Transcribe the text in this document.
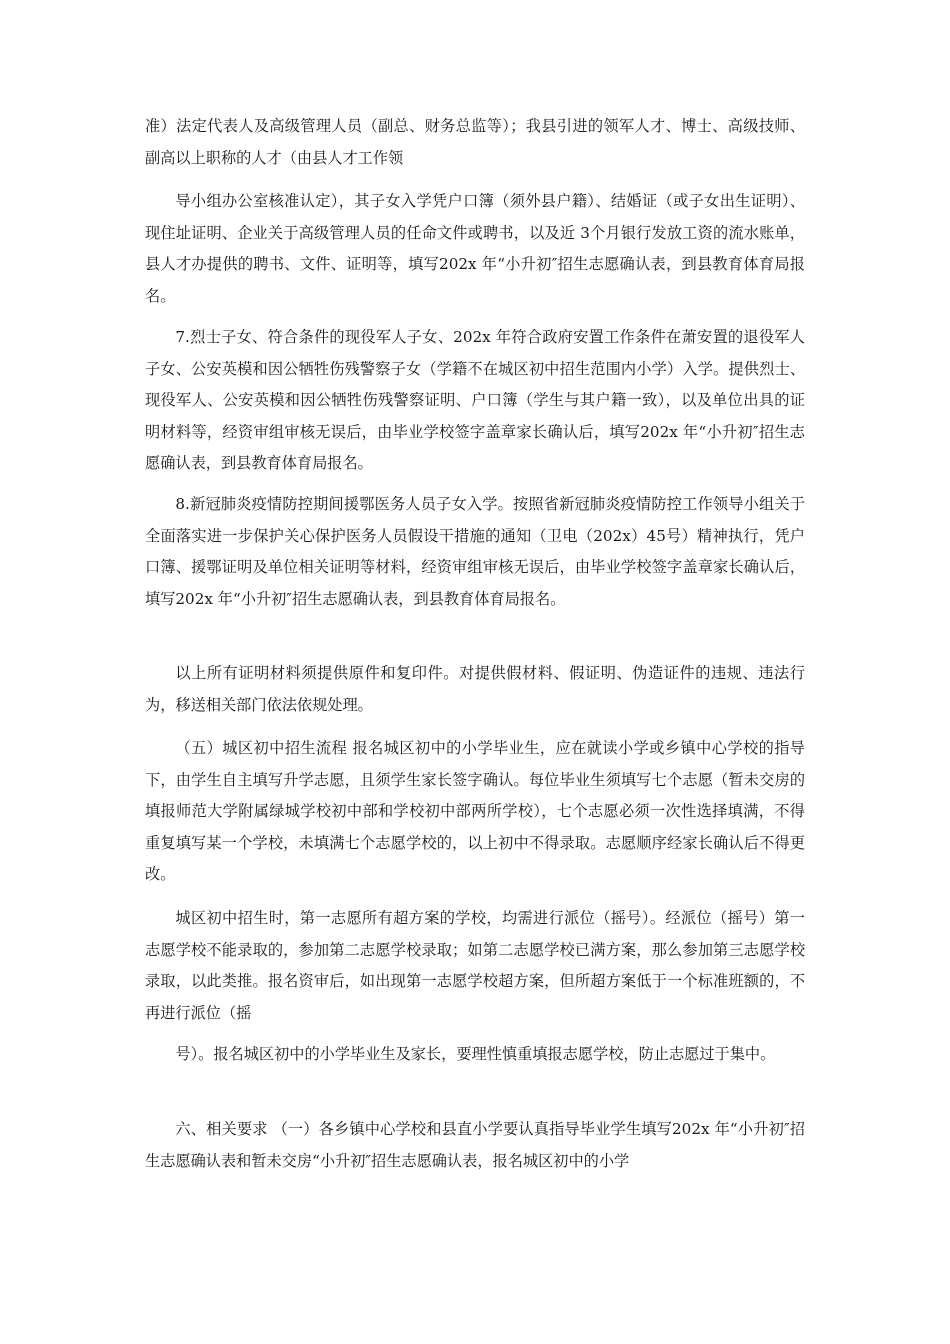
准）法定代表人及高级管理人员（副总、财务总监等）；我县引进的领军人才、博士、高级技师、副高以上职称的人才（由县人才工作领

导小组办公室核准认定），其子女入学凭户口簿（须外县户籍）、结婚证（或子女出生证明）、现住址证明、企业关于高级管理人员的任命文件或聘书，以及近 3个月银行发放工资的流水账单，县人才办提供的聘书、文件、证明等，填写202x 年“小升初″招生志愿确认表，到县教育体育局报名。

7.烈士子女、符合条件的现役军人子女、202x 年符合政府安置工作条件在萧安置的退役军人子女、公安英模和因公牺牲伤残警察子女（学籍不在城区初中招生范围内小学）入学。提供烈士、现役军人、公安英模和因公牺牲伤残警察证明、户口簿（学生与其户籍一致），以及单位出具的证明材料等，经资审组审核无误后，由毕业学校签字盖章家长确认后，填写202x 年“小升初″招生志愿确认表，到县教育体育局报名。

8.新冠肺炎疫情防控期间援鄂医务人员子女入学。按照省新冠肺炎疫情防控工作领导小组关于全面落实进一步保护关心保护医务人员假设干措施的通知（卫电（202x）45号）精神执行，凭户口簿、援鄂证明及单位相关证明等材料，经资审组审核无误后，由毕业学校签字盖章家长确认后，填写202x 年“小升初″招生志愿确认表，到县教育体育局报名。

以上所有证明材料须提供原件和复印件。对提供假材料、假证明、伪造证件的违规、违法行为，移送相关部门依法依规处理。

（五）城区初中招生流程 报名城区初中的小学毕业生，应在就读小学或乡镇中心学校的指导下，由学生自主填写升学志愿，且须学生家长签字确认。每位毕业生须填写七个志愿（暂未交房的填报师范大学附属绿城学校初中部和学校初中部两所学校），七个志愿必须一次性选择填满，不得重复填写某一个学校，未填满七个志愿学校的，以上初中不得录取。志愿顺序经家长确认后不得更改。

城区初中招生时，第一志愿所有超方案的学校，均需进行派位（摇号）。经派位（摇号）第一志愿学校不能录取的，参加第二志愿学校录取；如第二志愿学校已满方案，那么参加第三志愿学校录取，以此类推。报名资审后，如出现第一志愿学校超方案，但所超方案低于一个标准班额的，不再进行派位（摇

号）。报名城区初中的小学毕业生及家长，要理性慎重填报志愿学校，防止志愿过于集中。

六、相关要求 （一）各乡镇中心学校和县直小学要认真指导毕业学生填写202x 年“小升初″招生志愿确认表和暂未交房“小升初″招生志愿确认表，报名城区初中的小学
